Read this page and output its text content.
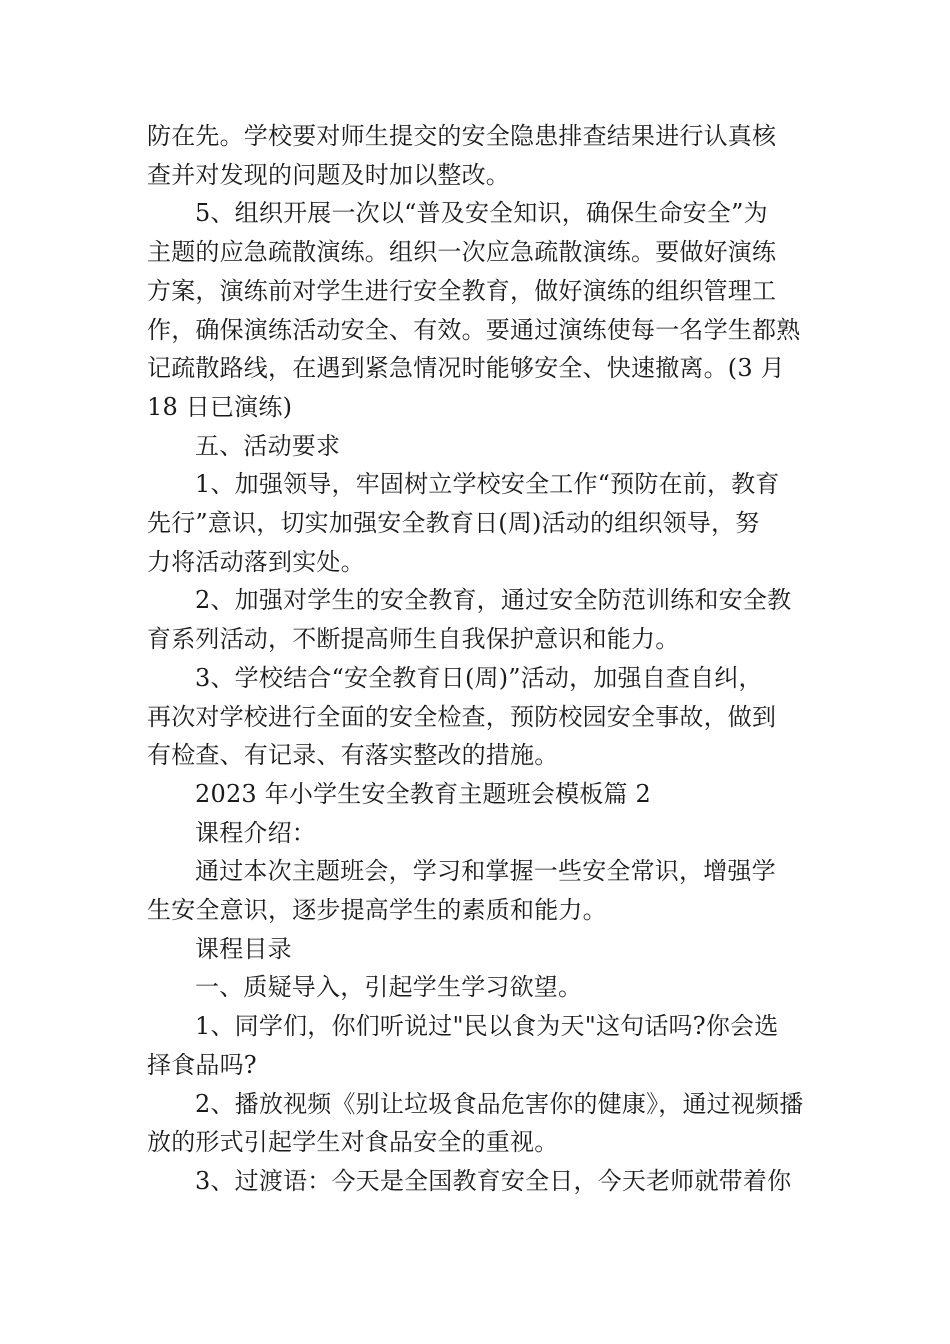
防在先。学校要对师生提交的安全隐患排查结果进行认真核
查并对发现的问题及时加以整改。
5、组织开展一次以“普及安全知识，确保生命安全”为
主题的应急疏散演练。组织一次应急疏散演练。要做好演练
方案，演练前对学生进行安全教育，做好演练的组织管理工
作，确保演练活动安全、有效。要通过演练使每一名学生都熟
记疏散路线，在遇到紧急情况时能够安全、快速撤离。(3 月
18 日已演练)
五、活动要求
1、加强领导，牢固树立学校安全工作“预防在前，教育
先行”意识，切实加强安全教育日(周)活动的组织领导，努
力将活动落到实处。
2、加强对学生的安全教育，通过安全防范训练和安全教
育系列活动，不断提高师生自我保护意识和能力。
3、学校结合“安全教育日(周)”活动，加强自查自纠，
再次对学校进行全面的安全检查，预防校园安全事故，做到
有检查、有记录、有落实整改的措施。
2023 年小学生安全教育主题班会模板篇 2
课程介绍：
通过本次主题班会，学习和掌握一些安全常识，增强学
生安全意识，逐步提高学生的素质和能力。
课程目录
一、质疑导入，引起学生学习欲望。
1、同学们，你们听说过"民以食为天"这句话吗?你会选
择食品吗?
2、播放视频《别让垃圾食品危害你的健康》，通过视频播
放的形式引起学生对食品安全的重视。
3、过渡语：今天是全国教育安全日，今天老师就带着你
